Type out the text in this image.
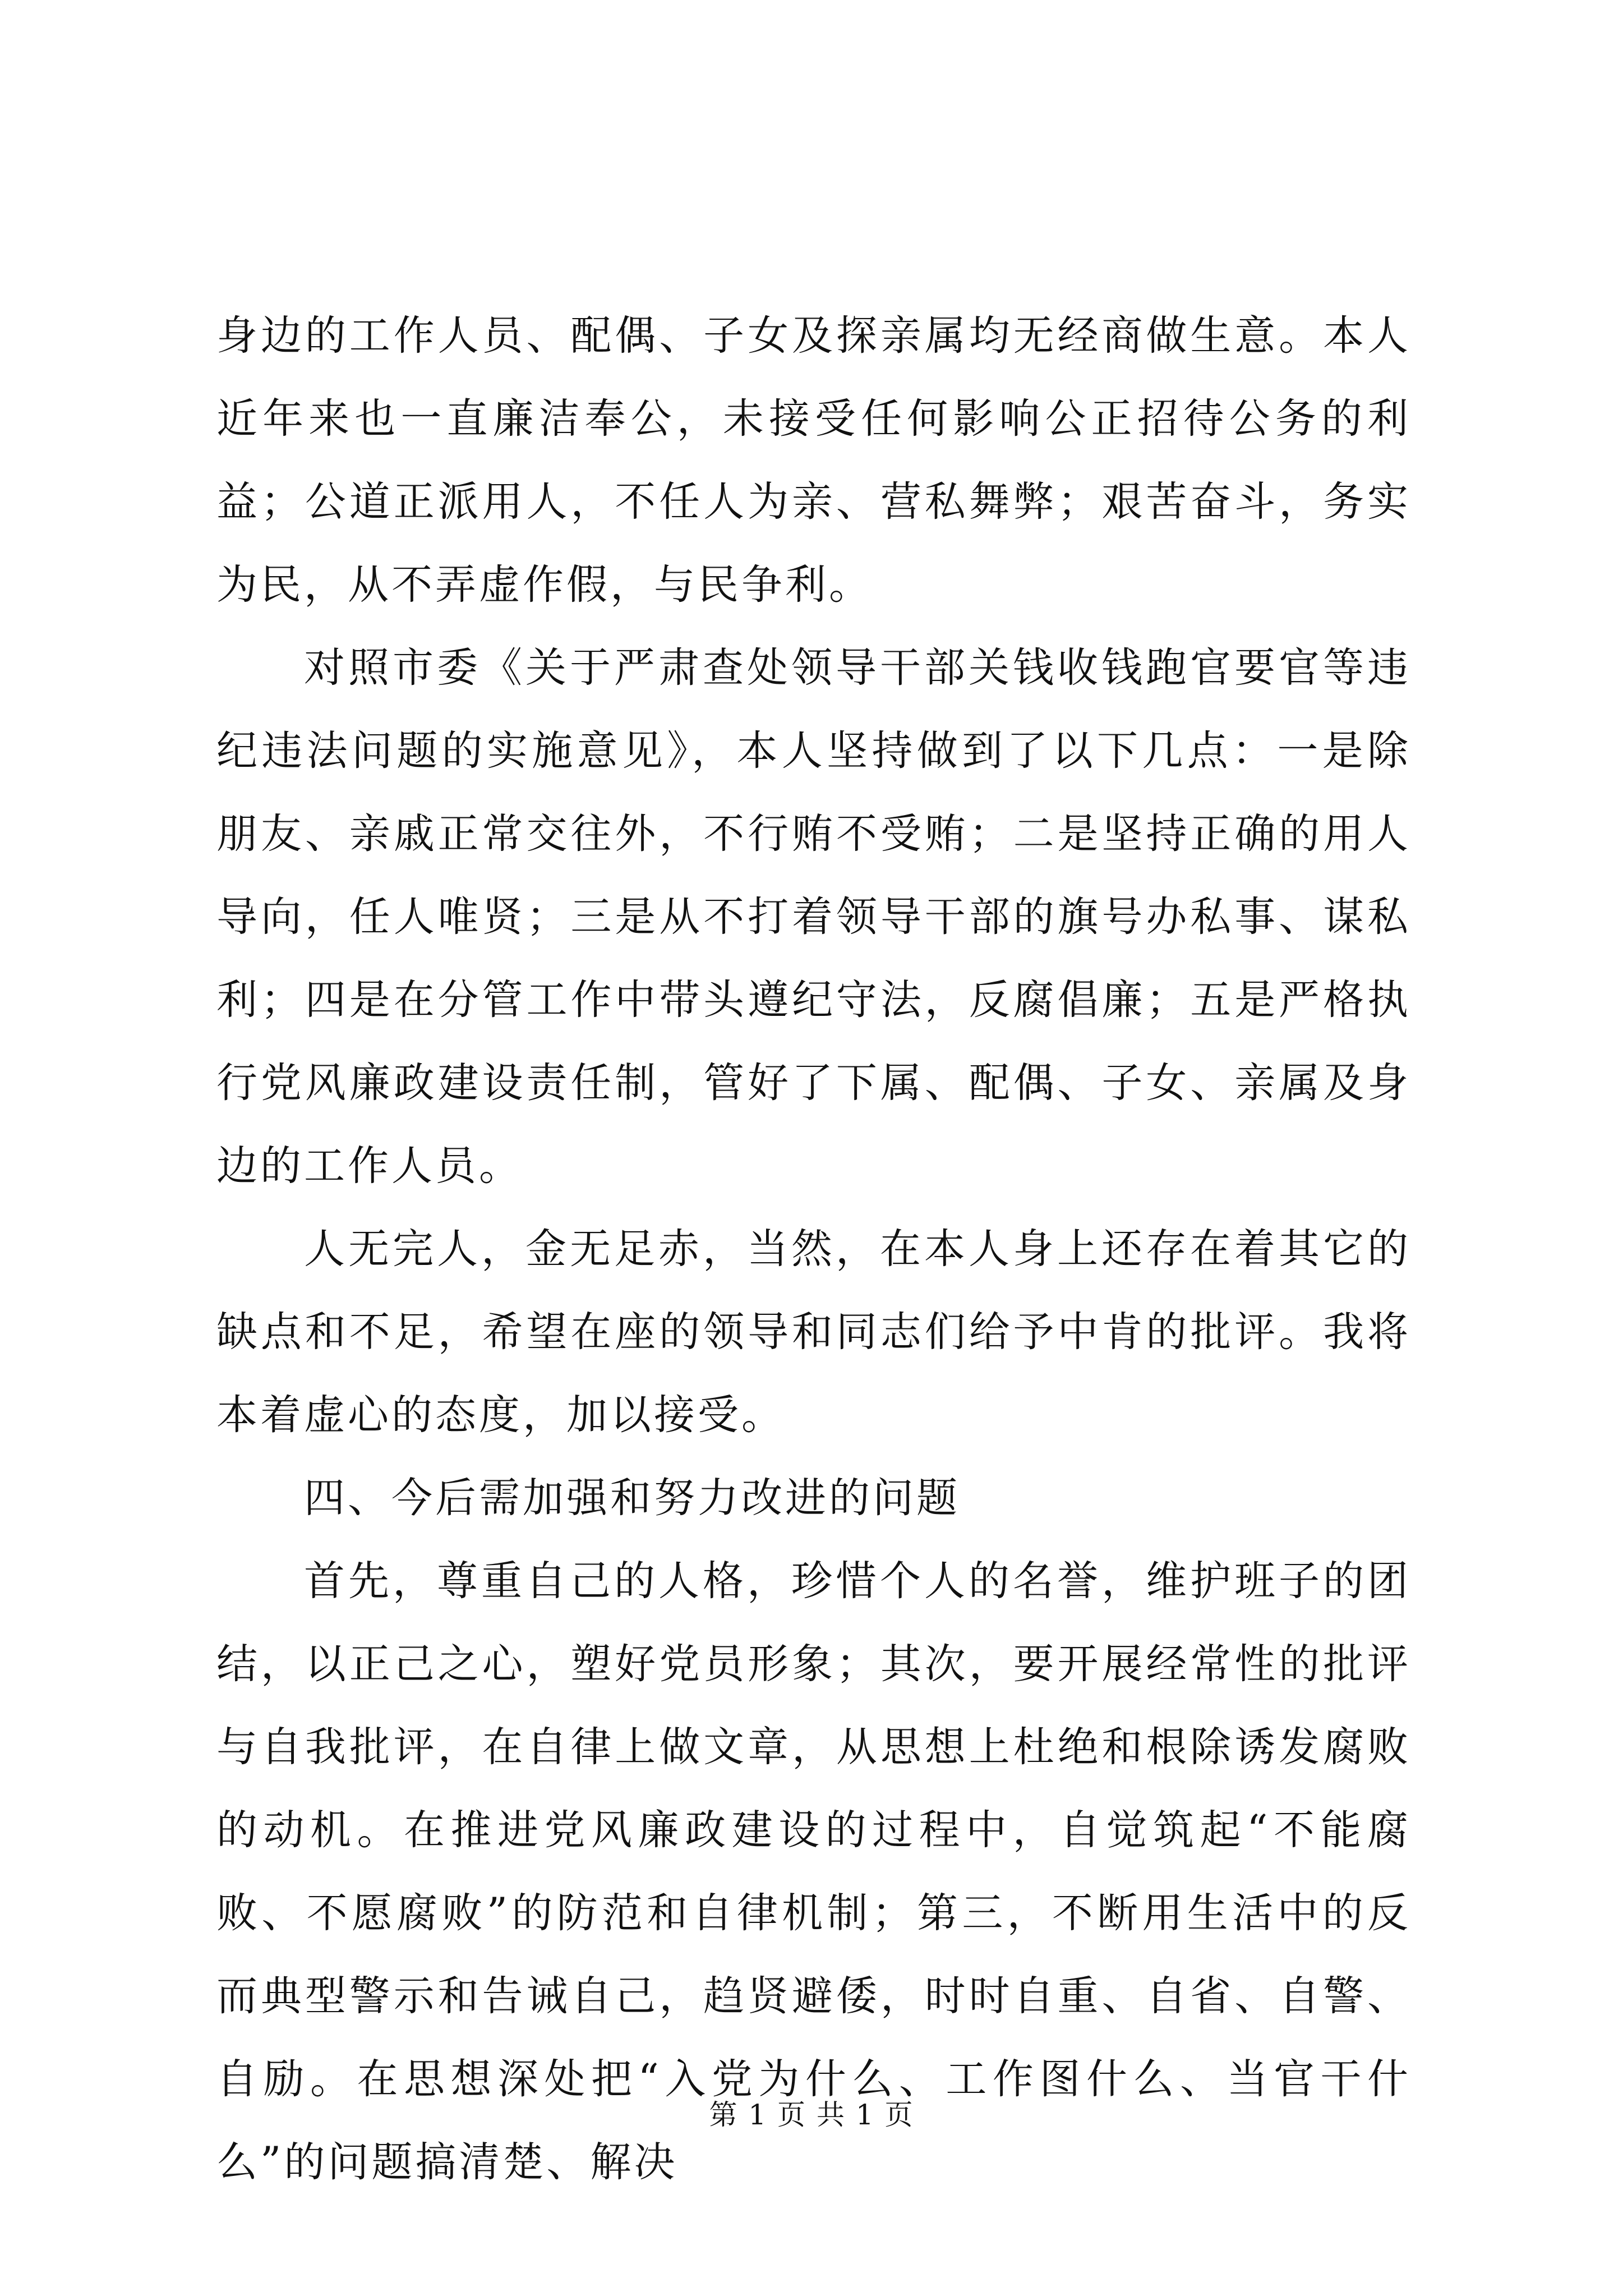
身边的工作人员、配偶、子女及探亲属均无经商做生意。本人近年来也一直廉洁奉公，未接受任何影响公正招待公务的利益；公道正派用人，不任人为亲、营私舞弊；艰苦奋斗，务实为民，从不弄虚作假，与民争利。

对照市委《关于严肃查处领导干部关钱收钱跑官要官等违纪违法问题的实施意见》，本人坚持做到了以下几点：一是除朋友、亲戚正常交往外，不行贿不受贿；二是坚持正确的用人导向，任人唯贤；三是从不打着领导干部的旗号办私事、谋私利；四是在分管工作中带头遵纪守法，反腐倡廉；五是严格执行党风廉政建设责任制，管好了下属、配偶、子女、亲属及身边的工作人员。

人无完人，金无足赤，当然，在本人身上还存在着其它的缺点和不足，希望在座的领导和同志们给予中肯的批评。我将本着虚心的态度，加以接受。

四、今后需加强和努力改进的问题

首先，尊重自己的人格，珍惜个人的名誉，维护班子的团结，以正己之心，塑好党员形象；其次，要开展经常性的批评与自我批评，在自律上做文章，从思想上杜绝和根除诱发腐败的动机。在推进党风廉政建设的过程中，自觉筑起“不能腐败、不愿腐败”的防范和自律机制；第三，不断用生活中的反而典型警示和告诫自己，趋贤避倭，时时自重、自省、自警、自励。在思想深处把“入党为什么、工作图什么、当官干什么”的问题搞清楚、解决

第 1 页 共 1 页
